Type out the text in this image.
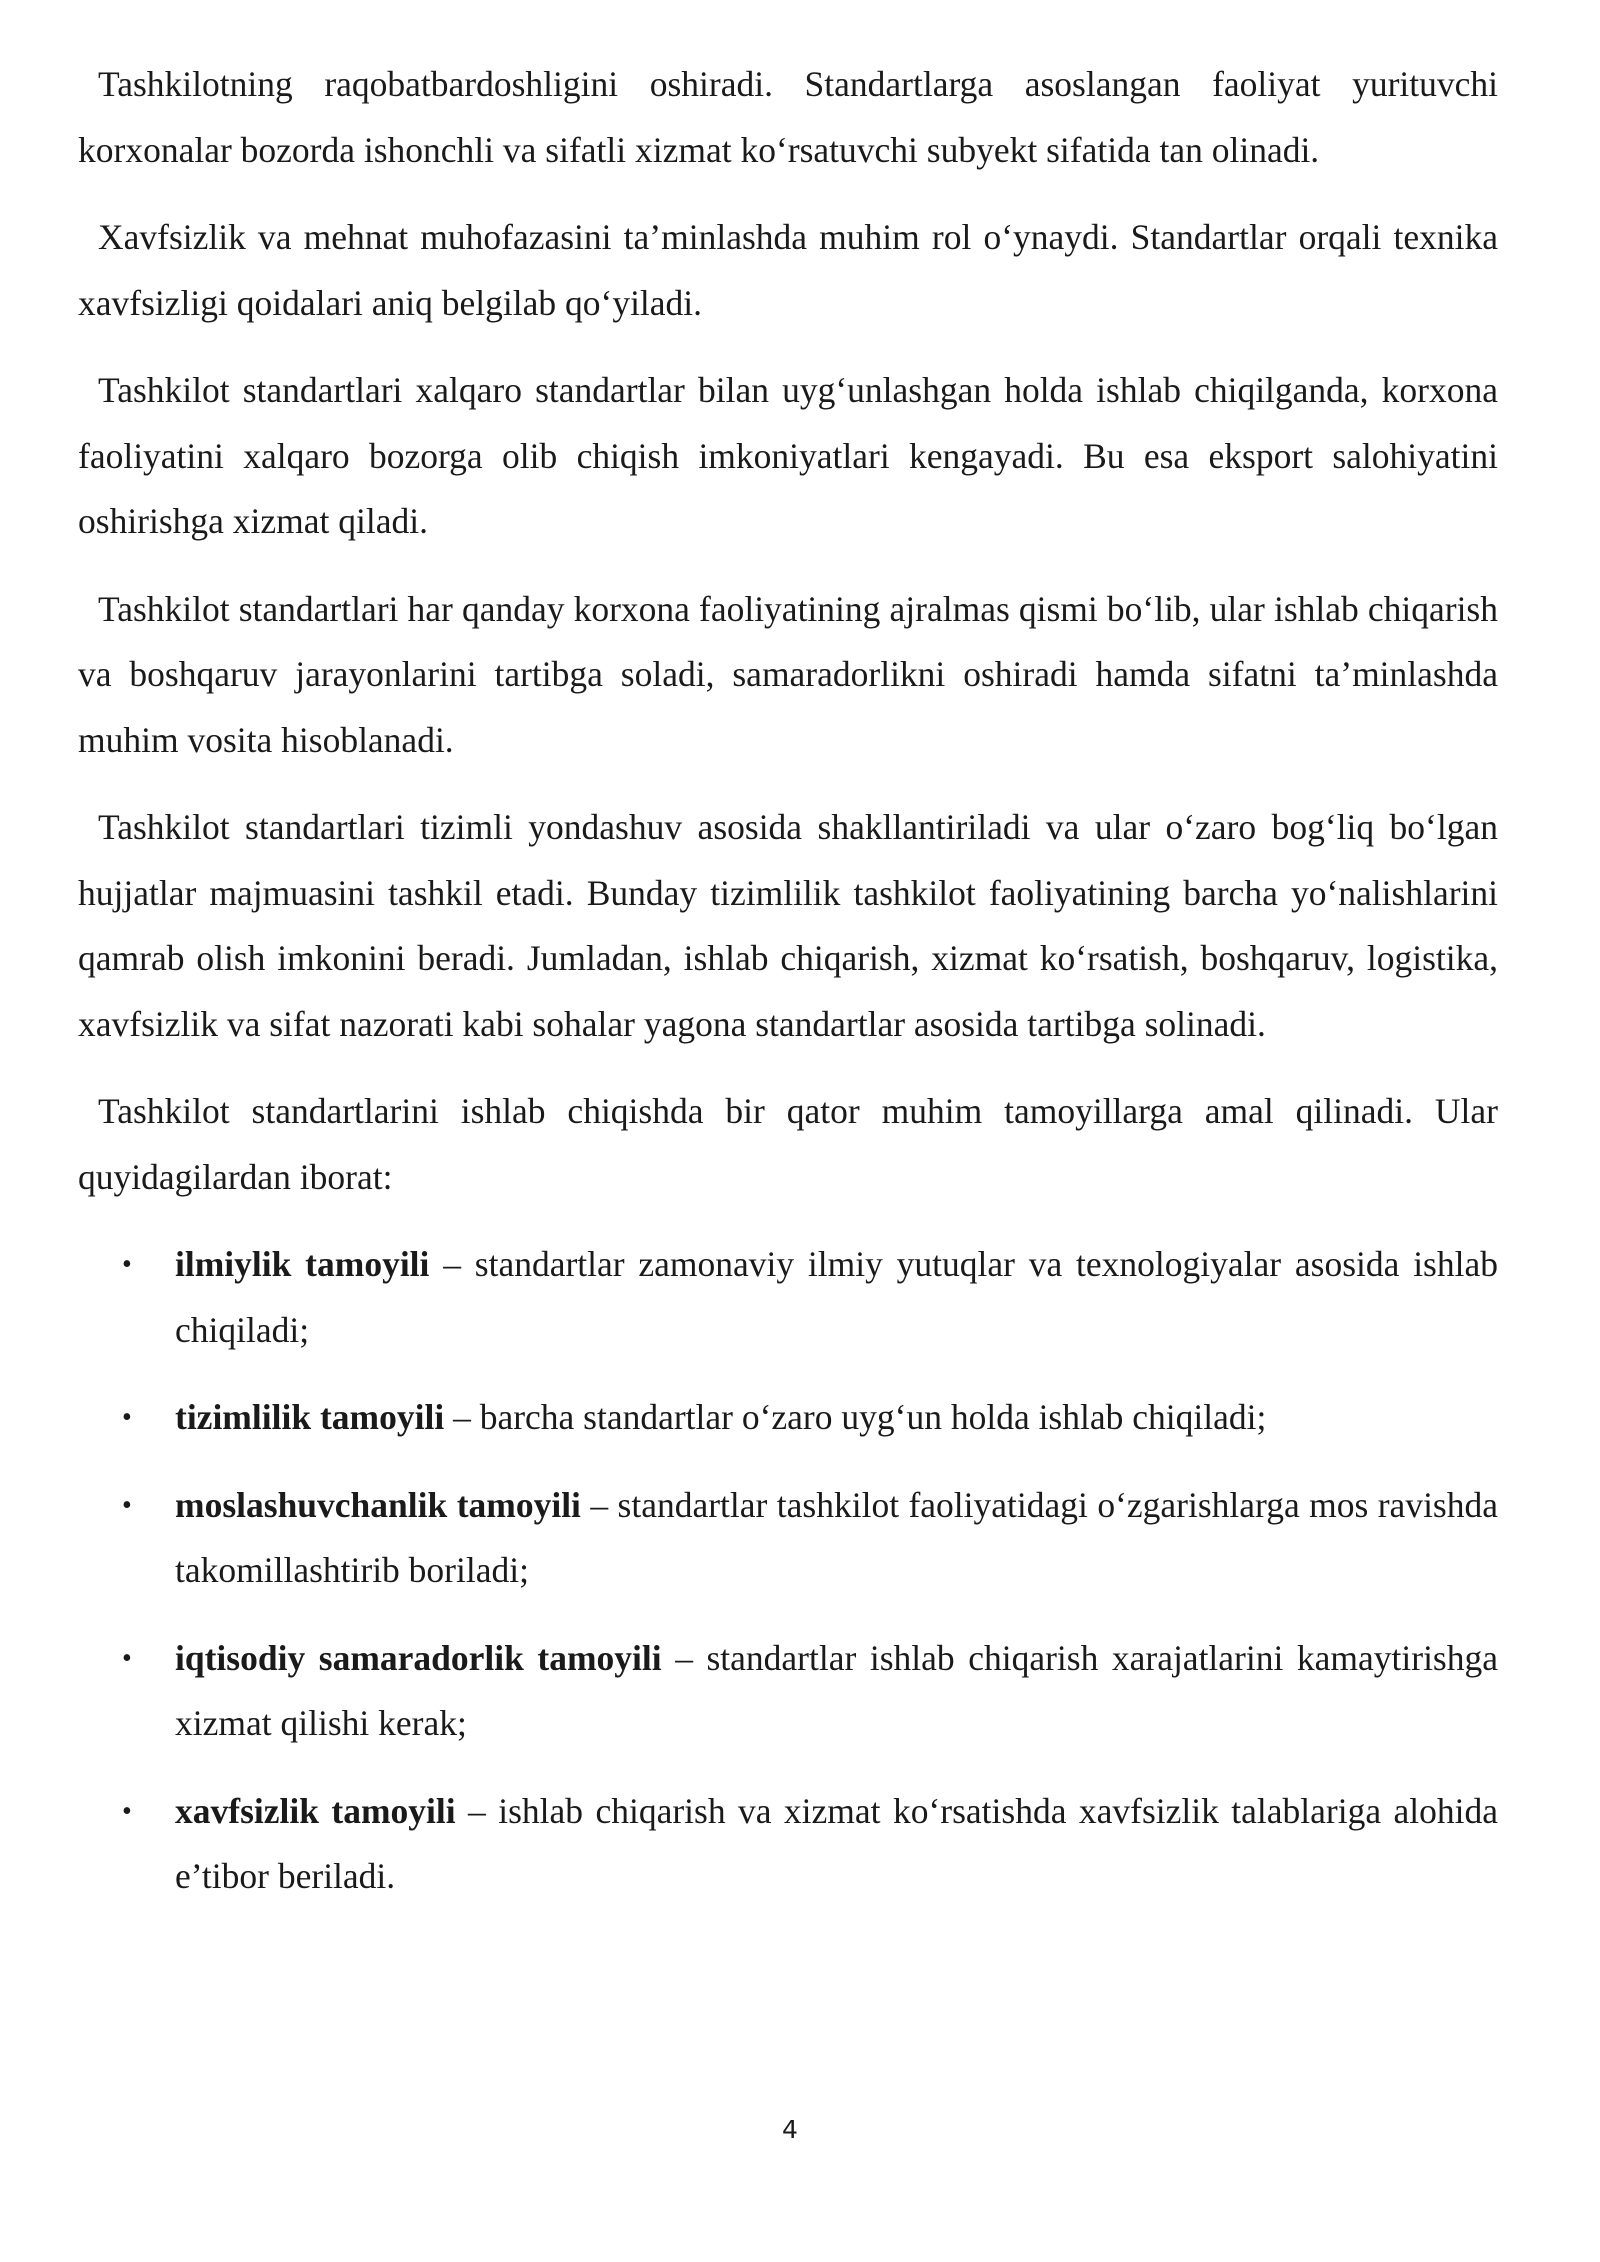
Tashkilotning raqobatbardoshligini oshiradi. Standartlarga asoslangan faoliyat yurituvchi korxonalar bozorda ishonchli va sifatli xizmat ko‘rsatuvchi subyekt sifatida tan olinadi.

Xavfsizlik va mehnat muhofazasini ta’minlashda muhim rol o‘ynaydi. Standartlar orqali texnika xavfsizligi qoidalari aniq belgilab qo‘yiladi.

Tashkilot standartlari xalqaro standartlar bilan uyg‘unlashgan holda ishlab chiqilganda, korxona faoliyatini xalqaro bozorga olib chiqish imkoniyatlari kengayadi. Bu esa eksport salohiyatini oshirishga xizmat qiladi.

Tashkilot standartlari har qanday korxona faoliyatining ajralmas qismi bo‘lib, ular ishlab chiqarish va boshqaruv jarayonlarini tartibga soladi, samaradorlikni oshiradi hamda sifatni ta’minlashda muhim vosita hisoblanadi.

Tashkilot standartlari tizimli yondashuv asosida shakllantiriladi va ular o‘zaro bog‘liq bo‘lgan hujjatlar majmuasini tashkil etadi. Bunday tizimlilik tashkilot faoliyatining barcha yo‘nalishlarini qamrab olish imkonini beradi. Jumladan, ishlab chiqarish, xizmat ko‘rsatish, boshqaruv, logistika, xavfsizlik va sifat nazorati kabi sohalar yagona standartlar asosida tartibga solinadi.

Tashkilot standartlarini ishlab chiqishda bir qator muhim tamoyillarga amal qilinadi. Ular quyidagilardan iborat:

• ilmiylik tamoyili – standartlar zamonaviy ilmiy yutuqlar va texnologiyalar asosida ishlab chiqiladi;
• tizimlilik tamoyili – barcha standartlar o‘zaro uyg‘un holda ishlab chiqiladi;
• moslashuvchanlik tamoyili – standartlar tashkilot faoliyatidagi o‘zgarishlarga mos ravishda takomillashtirib boriladi;
• iqtisodiy samaradorlik tamoyili – standartlar ishlab chiqarish xarajatlarini kamaytirishga xizmat qilishi kerak;
• xavfsizlik tamoyili – ishlab chiqarish va xizmat ko‘rsatishda xavfsizlik talablariga alohida e’tibor beriladi.
4
